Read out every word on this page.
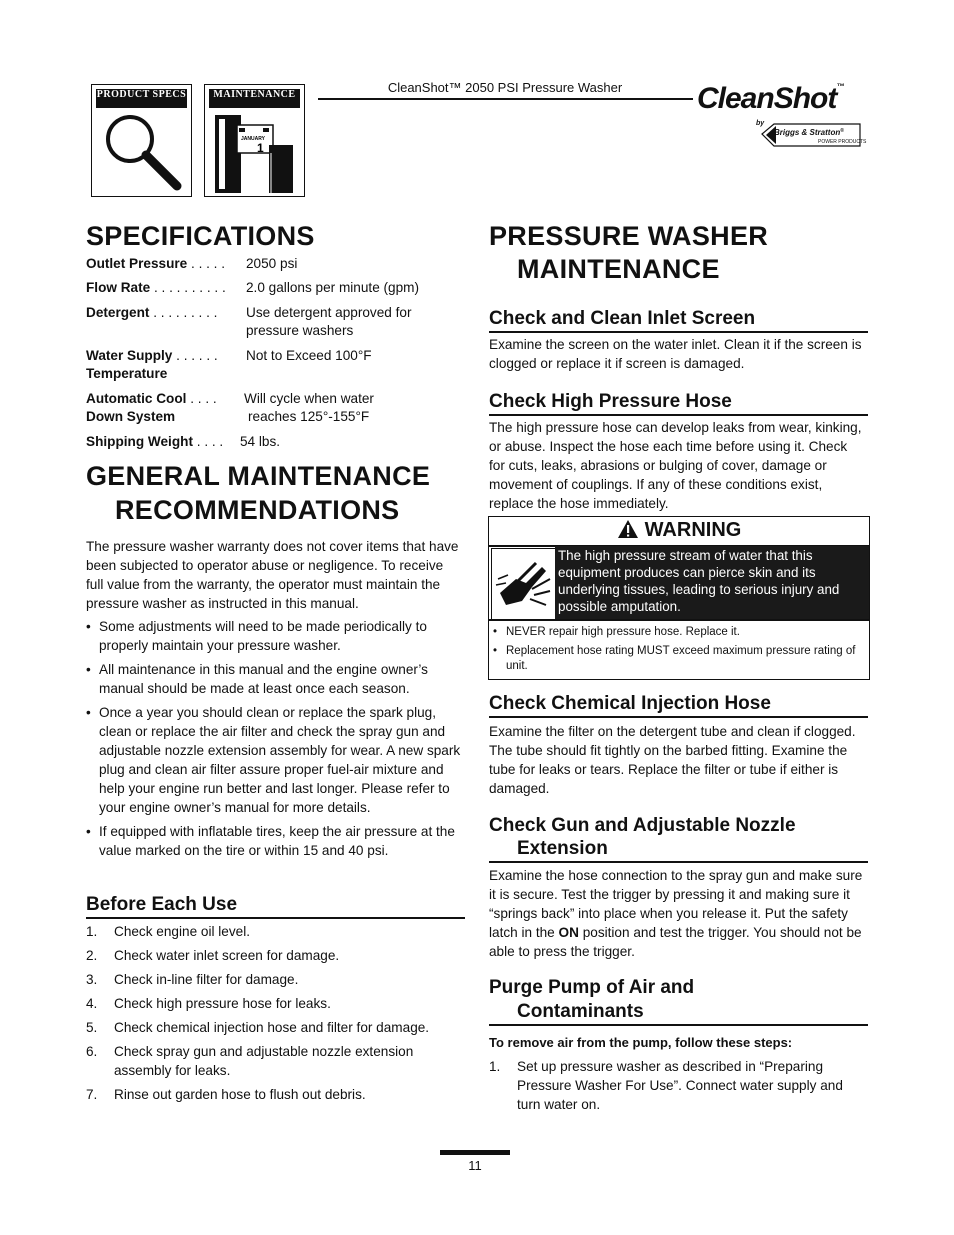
PRODUCT SPECS	MAINTENANCE
JANUARY
1
CleanShot™ 2050 PSI Pressure Washer	CleanShot™
by
Briggs & Stratton®
POWER PRODUCTS
SPECIFICATIONS
Outlet Pressure . . . . . 2050 psi
Flow Rate . . . . . . . . . . 2.0 gallons per minute (gpm)
Detergent . . . . . . . . . Use detergent approved for
pressure washers
Water Supply . . . . . .
Temperature
Not to Exceed 100°F
Automatic Cool . . . .
Down System
Will cycle when water
reaches 125°-155°F
Shipping Weight . . . . 54 lbs.
GENERAL MAINTENANCE
RECOMMENDATIONS
The pressure washer warranty does not cover items that have been subjected to operator abuse or negligence. To receive full value from the warranty, the operator must maintain the pressure washer as instructed in this manual.
• Some adjustments will need to be made periodically to properly maintain your pressure washer.
• All maintenance in this manual and the engine owner’s manual should be made at least once each season.
• Once a year you should clean or replace the spark plug, clean or replace the air filter and check the spray gun and adjustable nozzle extension assembly for wear. A new spark plug and clean air filter assure proper fuel-air mixture and help your engine run better and last longer. Please refer to your engine owner’s manual for more details.
• If equipped with inflatable tires, keep the air pressure at the value marked on the tire or within 15 and 40 psi.
Before Each Use
1. Check engine oil level.
2. Check water inlet screen for damage.
3. Check in-line filter for damage.
4. Check high pressure hose for leaks.
5. Check chemical injection hose and filter for damage.
6. Check spray gun and adjustable nozzle extension assembly for leaks.
7. Rinse out garden hose to flush out debris.
PRESSURE WASHER
MAINTENANCE
Check and Clean Inlet Screen
Examine the screen on the water inlet. Clean it if the screen is clogged or replace it if screen is damaged.
Check High Pressure Hose
The high pressure hose can develop leaks from wear, kinking, or abuse. Inspect the hose each time before using it. Check for cuts, leaks, abrasions or bulging of cover, damage or movement of couplings. If any of these conditions exist, replace the hose immediately.
WARNING
The high pressure stream of water that this equipment produces can pierce skin and its underlying tissues, leading to serious injury and possible amputation.
• NEVER repair high pressure hose. Replace it.
• Replacement hose rating MUST exceed maximum pressure rating of unit.
Check Chemical Injection Hose
Examine the filter on the detergent tube and clean if clogged. The tube should fit tightly on the barbed fitting. Examine the tube for leaks or tears. Replace the filter or tube if either is damaged.
Check Gun and Adjustable Nozzle
Extension
Examine the hose connection to the spray gun and make sure it is secure. Test the trigger by pressing it and making sure it “springs back” into place when you release it. Put the safety latch in the ON position and test the trigger. You should not be able to press the trigger.
Purge Pump of Air and
Contaminants
To remove air from the pump, follow these steps:
1. Set up pressure washer as described in “Preparing Pressure Washer For Use”. Connect water supply and turn water on.
11
